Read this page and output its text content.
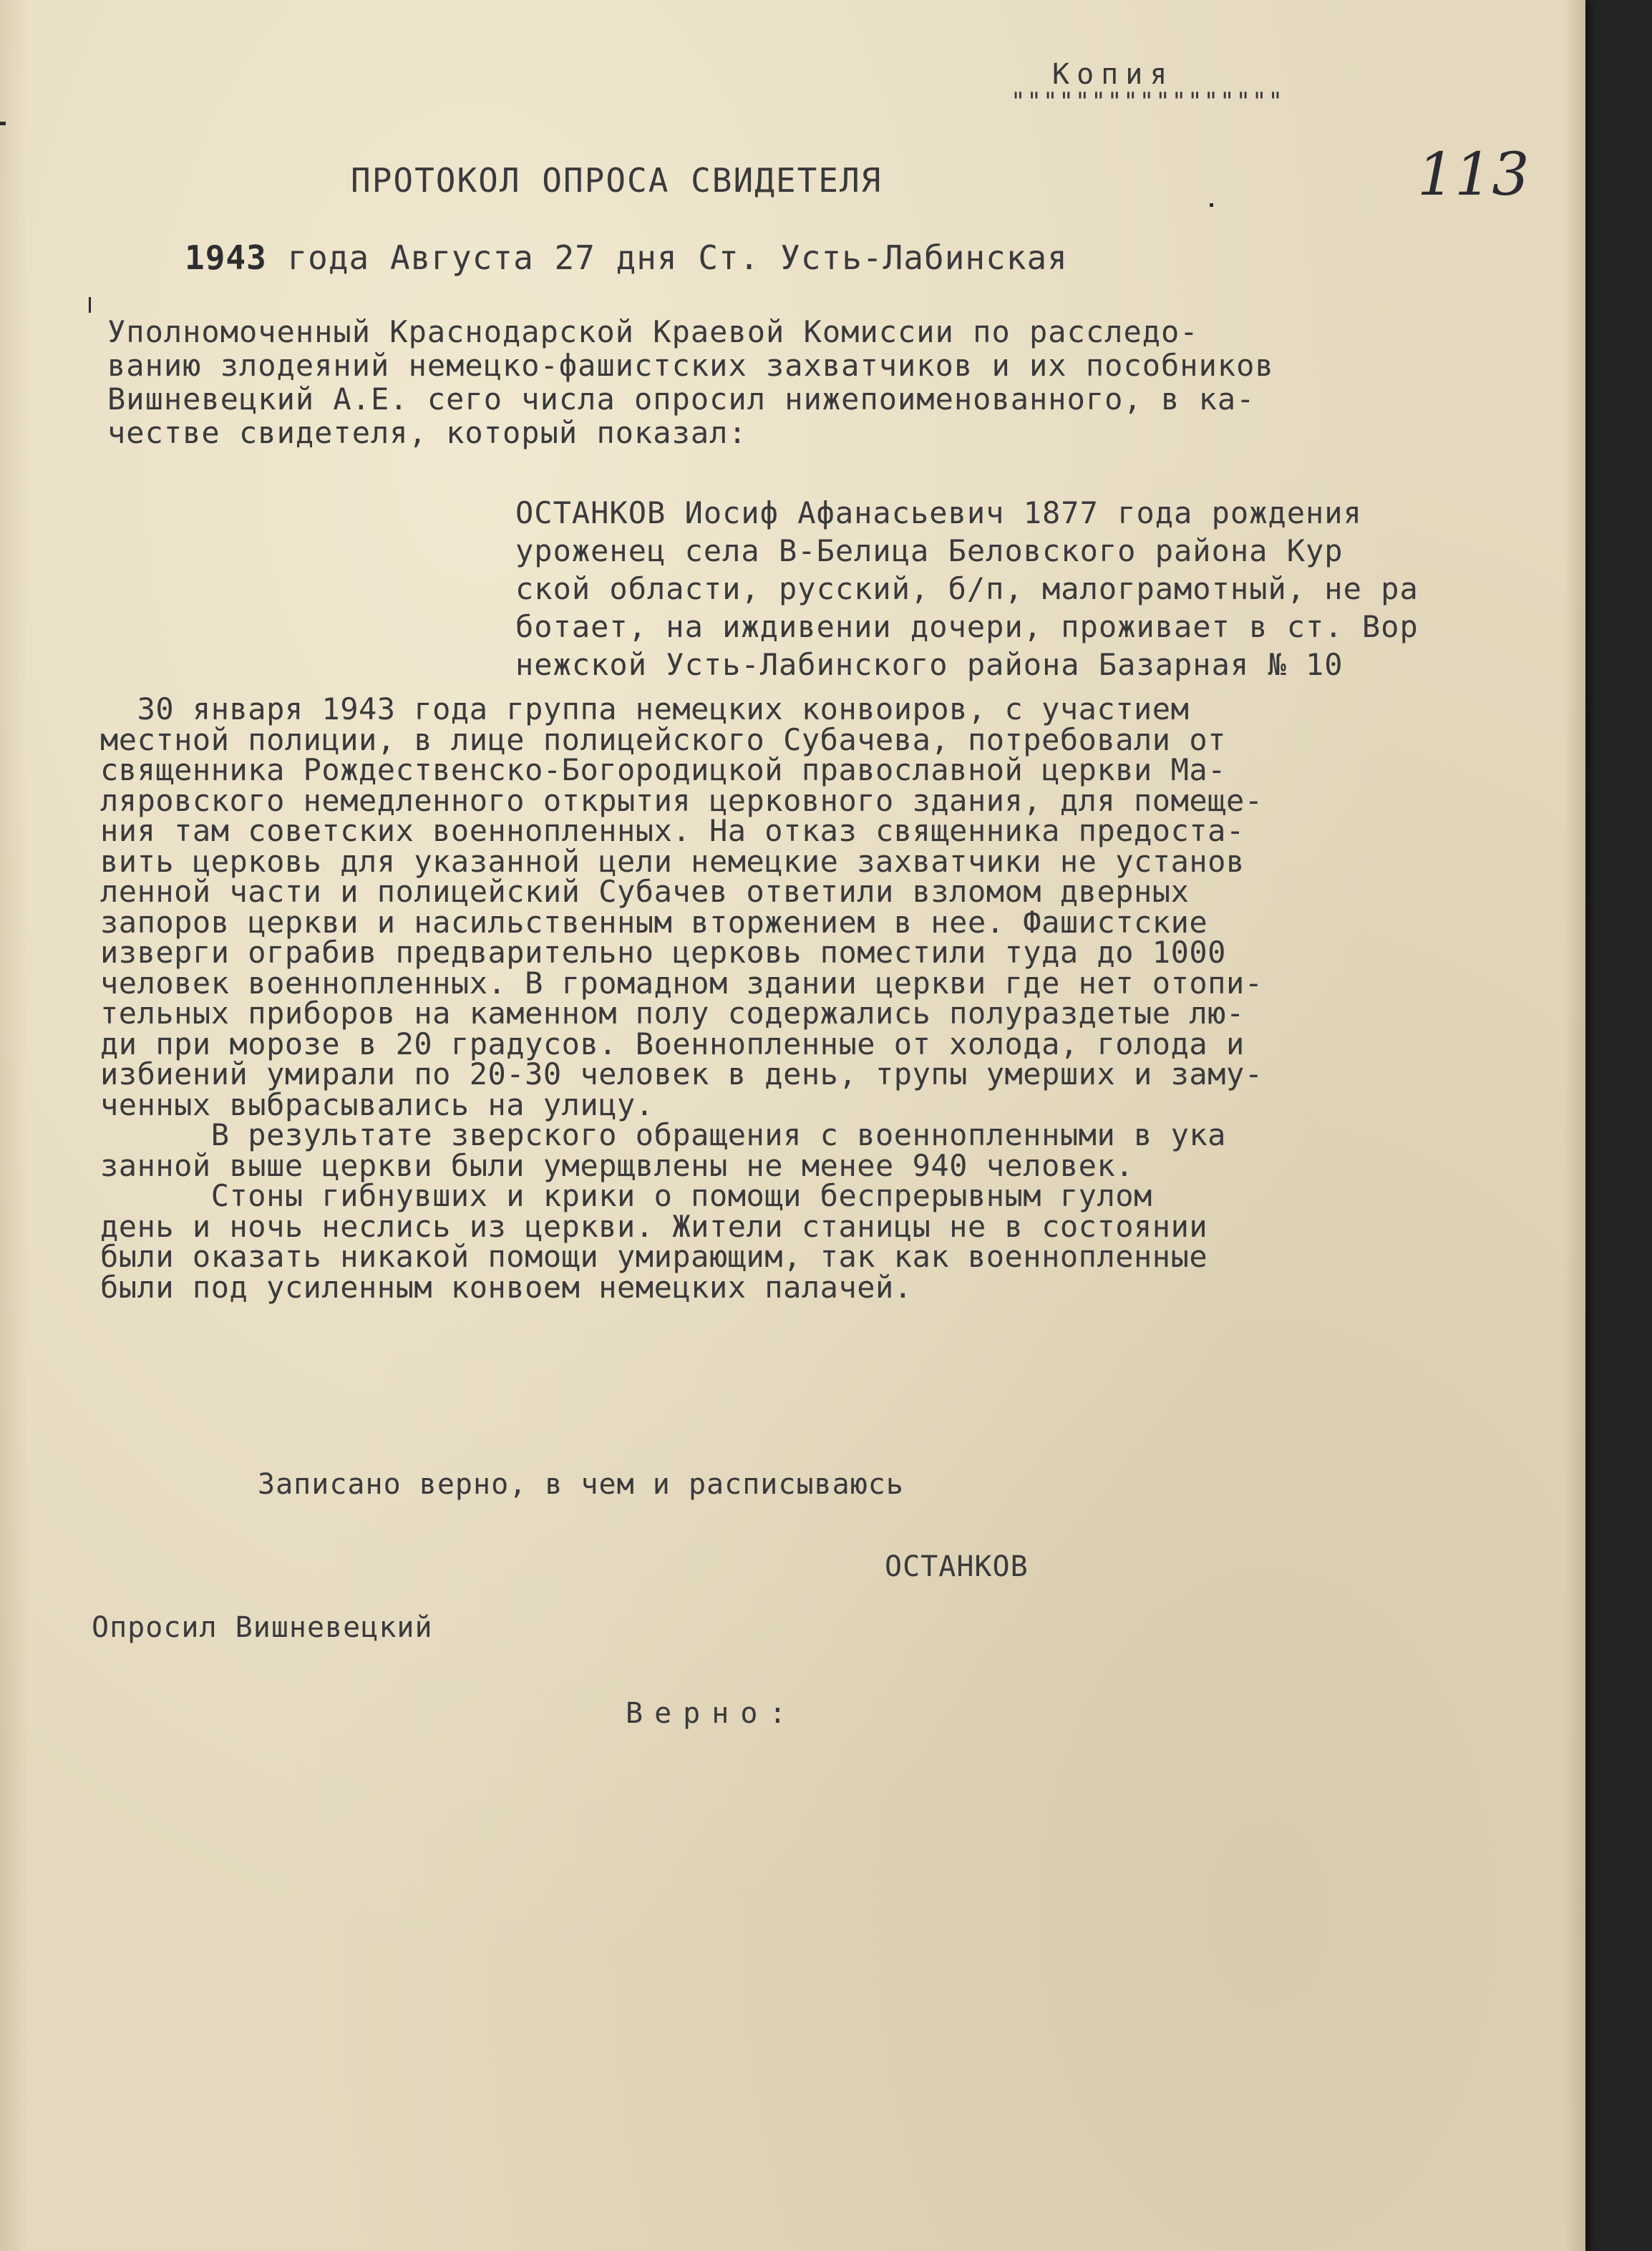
Копия
"""""""""""""""""
113
ПРОТОКОЛ ОПРОСА СВИДЕТЕЛЯ
1943 года Августа 27 дня Ст. Усть-Лабинская
Уполномоченный Краснодарской Краевой Комиссии по расследо-
ванию злодеяний немецко-фашистских захватчиков и их пособников
Вишневецкий А.Е. сего числа опросил нижепоименованного, в ка-
честве свидетеля, который показал:
ОСТАНКОВ Иосиф Афанасьевич 1877 года рождения
уроженец села В-Белица Беловского района Кур
ской области, русский, б/п, малограмотный, не ра
ботает, на иждивении дочери, проживает в ст. Вор
нежской Усть-Лабинского района Базарная № 10
30 января 1943 года группа немецких конвоиров, с участием
местной полиции, в лице полицейского Субачева, потребовали от
священника Рождественско-Богородицкой православной церкви Ма-
ляровского немедленного открытия церковного здания, для помеще-
ния там советских военнопленных. На отказ священника предоста-
вить церковь для указанной цели немецкие захватчики не установ
ленной части и полицейский Субачев ответили взломом дверных
запоров церкви и насильственным вторжением в нее. Фашистские
изверги ограбив предварительно церковь поместили туда до 1000
человек военнопленных. В громадном здании церкви где нет отопи-
тельных приборов на каменном полу содержались полураздетые лю-
ди при морозе в 20 градусов. Военнопленные от холода, голода и
избиений умирали по 20-30 человек в день, трупы умерших и заму-
ченных выбрасывались на улицу.
В результате зверского обращения с военнопленными в ука
занной выше церкви были умерщвлены не менее 940 человек.
Стоны гибнувших и крики о помощи беспрерывным гулом
день и ночь неслись из церкви. Жители станицы не в состоянии
были оказать никакой помощи умирающим, так как военнопленные
были под усиленным конвоем немецких палачей.
Записано верно, в чем и расписываюсь
ОСТАНКОВ
Опросил Вишневецкий
Верно:
